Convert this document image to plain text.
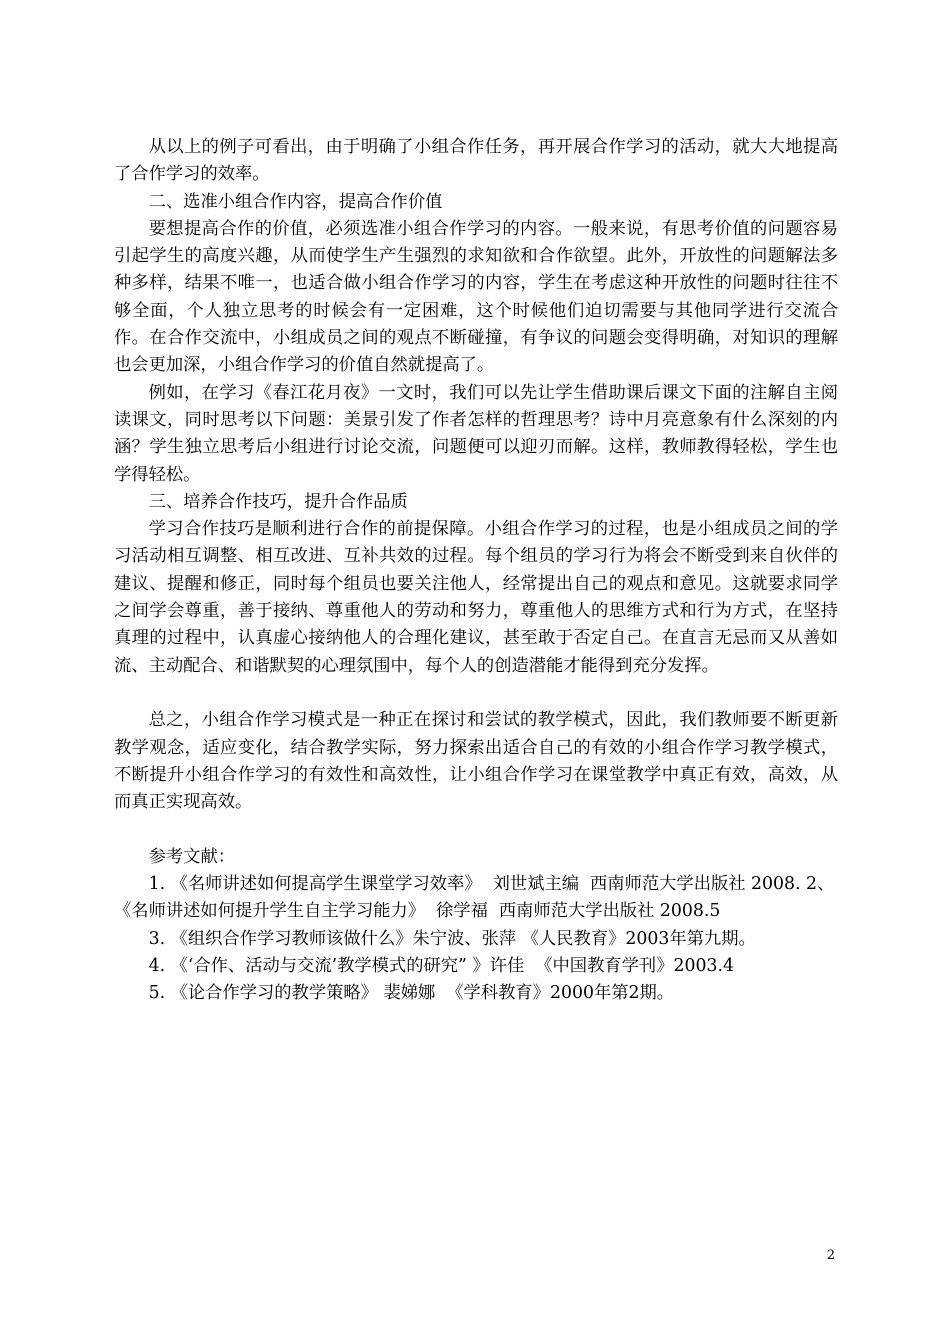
从以上的例子可看出，由于明确了小组合作任务，再开展合作学习的活动，就大大地提高了合作学习的效率。

二、选准小组合作内容，提高合作价值

要想提高合作的价值，必须选准小组合作学习的内容。一般来说，有思考价值的问题容易引起学生的高度兴趣，从而使学生产生强烈的求知欲和合作欲望。此外，开放性的问题解法多种多样，结果不唯一，也适合做小组合作学习的内容，学生在考虑这种开放性的问题时往往不够全面，个人独立思考的时候会有一定困难，这个时候他们迫切需要与其他同学进行交流合作。在合作交流中，小组成员之间的观点不断碰撞，有争议的问题会变得明确，对知识的理解也会更加深，小组合作学习的价值自然就提高了。

例如，在学习《春江花月夜》一文时，我们可以先让学生借助课后课文下面的注解自主阅读课文，同时思考以下问题：美景引发了作者怎样的哲理思考？诗中月亮意象有什么深刻的内涵？学生独立思考后小组进行讨论交流，问题便可以迎刃而解。这样，教师教得轻松，学生也学得轻松。

三、培养合作技巧，提升合作品质

学习合作技巧是顺利进行合作的前提保障。小组合作学习的过程，也是小组成员之间的学习活动相互调整、相互改进、互补共效的过程。每个组员的学习行为将会不断受到来自伙伴的建议、提醒和修正，同时每个组员也要关注他人，经常提出自己的观点和意见。这就要求同学之间学会尊重，善于接纳、尊重他人的劳动和努力，尊重他人的思维方式和行为方式，在坚持真理的过程中，认真虚心接纳他人的合理化建议，甚至敢于否定自己。在直言无忌而又从善如流、主动配合、和谐默契的心理氛围中，每个人的创造潜能才能得到充分发挥。

总之，小组合作学习模式是一种正在探讨和尝试的教学模式，因此，我们教师要不断更新教学观念，适应变化，结合教学实际，努力探索出适合自己的有效的小组合作学习教学模式，不断提升小组合作学习的有效性和高效性，让小组合作学习在课堂教学中真正有效，高效，从而真正实现高效。

参考文献：

1. 《名师讲述如何提高学生课堂学习效率》  刘世斌主编  西南师范大学出版社 2008. 2、《名师讲述如何提升学生自主学习能力》  徐学福  西南师范大学出版社 2008.5
3. 《组织合作学习教师该做什么》朱宁波、张萍 《人民教育》2003年第九期。
4. 《‘合作、活动与交流’教学模式的研究” 》许佳  《中国教育学刊》2003.4
5. 《论合作学习的教学策略》 裴娣娜  《学科教育》2000年第2期。
2
